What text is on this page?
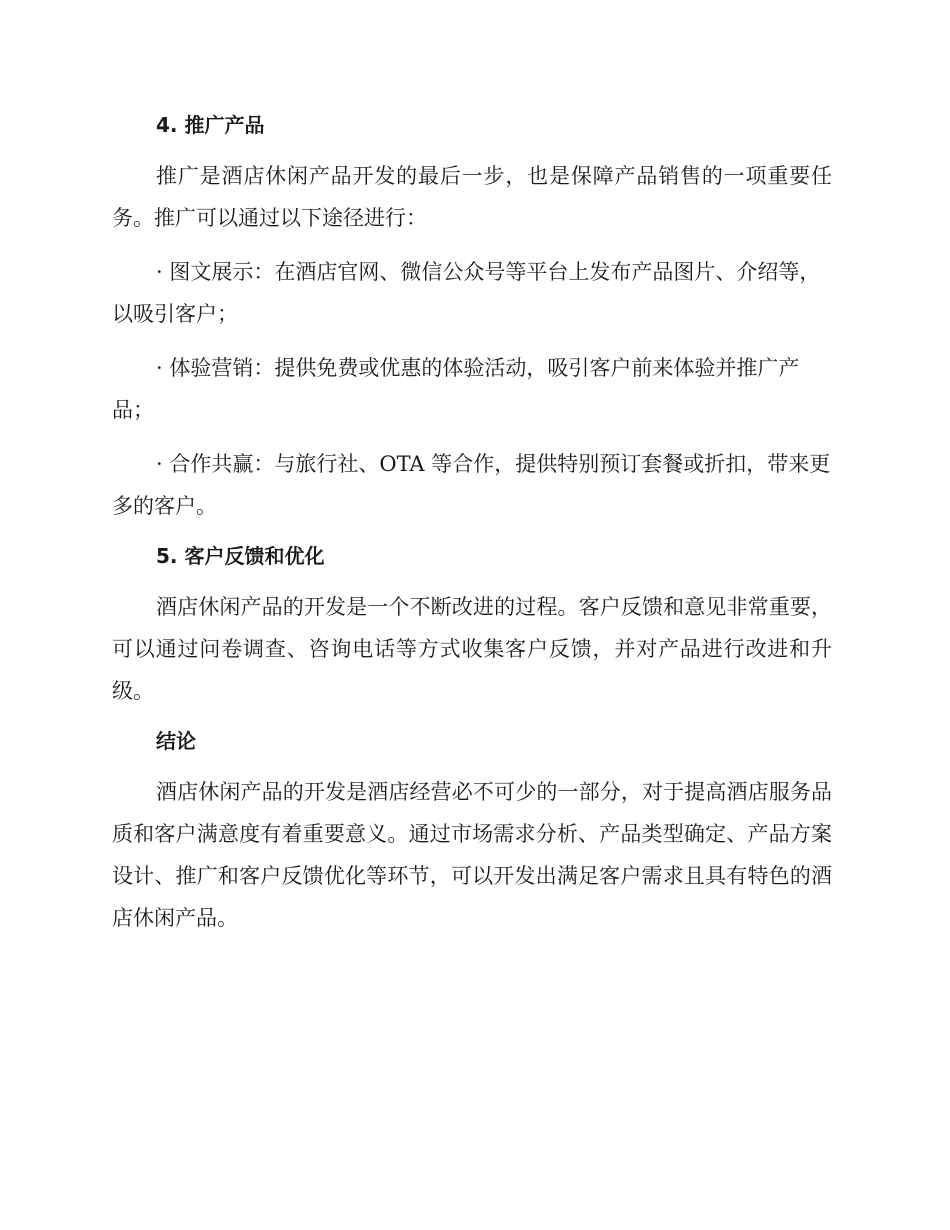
4. 推广产品

推广是酒店休闲产品开发的最后一步，也是保障产品销售的一项重要任务。推广可以通过以下途径进行：

· 图文展示：在酒店官网、微信公众号等平台上发布产品图片、介绍等，以吸引客户；

· 体验营销：提供免费或优惠的体验活动，吸引客户前来体验并推广产品；

· 合作共赢：与旅行社、OTA 等合作，提供特别预订套餐或折扣，带来更多的客户。

5. 客户反馈和优化

酒店休闲产品的开发是一个不断改进的过程。客户反馈和意见非常重要，可以通过问卷调查、咨询电话等方式收集客户反馈，并对产品进行改进和升级。

结论

酒店休闲产品的开发是酒店经营必不可少的一部分，对于提高酒店服务品质和客户满意度有着重要意义。通过市场需求分析、产品类型确定、产品方案设计、推广和客户反馈优化等环节，可以开发出满足客户需求且具有特色的酒店休闲产品。
